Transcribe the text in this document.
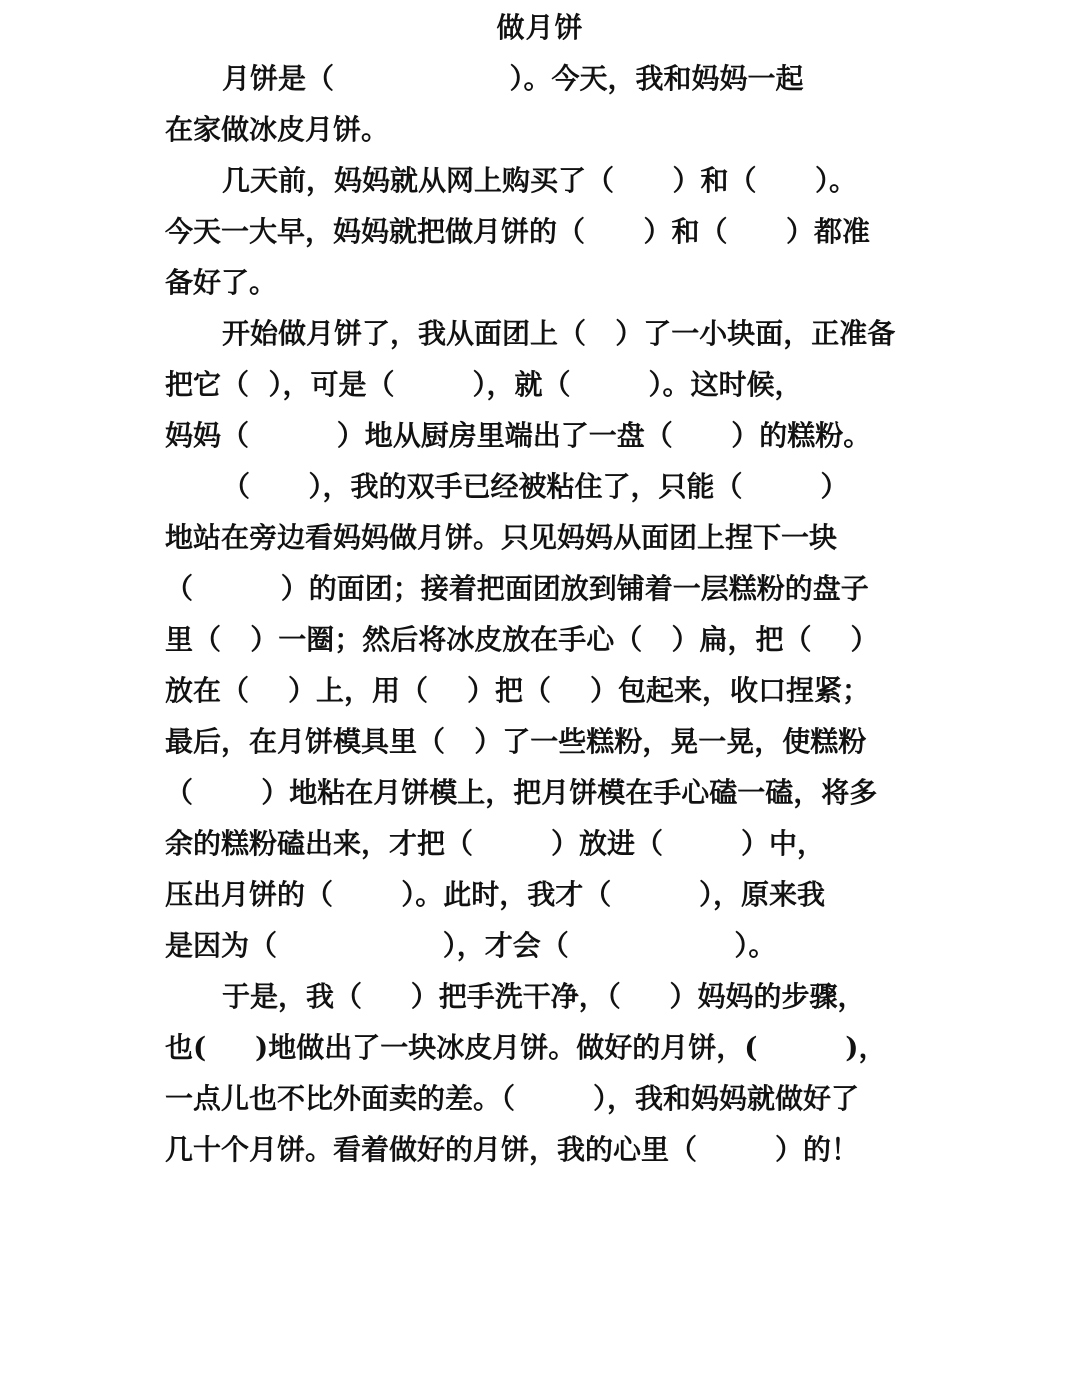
做月饼
月饼是（                  ）。今天，我和妈妈一起
在家做冰皮月饼。
几天前，妈妈就从网上购买了（      ）和（      ）。
今天一大早，妈妈就把做月饼的（      ）和（      ）都准
备好了。
开始做月饼了，我从面团上（   ）了一小块面，正准备
把它（  ），可是（        ），就（        ）。这时候，
妈妈（         ）地从厨房里端出了一盘（      ）的糕粉。
（      ），我的双手已经被粘住了，只能（        ）
地站在旁边看妈妈做月饼。只见妈妈从面团上捏下一块
（         ）的面团；接着把面团放到铺着一层糕粉的盘子
里（   ）一圈；然后将冰皮放在手心（   ）扁，把（    ）
放在（    ）上，用（    ）把（    ）包起来，收口捏紧；
最后，在月饼模具里（   ）了一些糕粉，晃一晃，使糕粉
（       ）地粘在月饼模上，把月饼模在手心磕一磕，将多
余的糕粉磕出来，才把（        ）放进（        ）中，
压出月饼的（       ）。此时，我才（         ），原来我
是因为（                 ），才会（                 ）。
于是，我（     ）把手洗干净，（     ）妈妈的步骤，
也(     )地做出了一块冰皮月饼。做好的月饼，(         )，
一点儿也不比外面卖的差。（        ），我和妈妈就做好了
几十个月饼。看着做好的月饼，我的心里（        ）的！
